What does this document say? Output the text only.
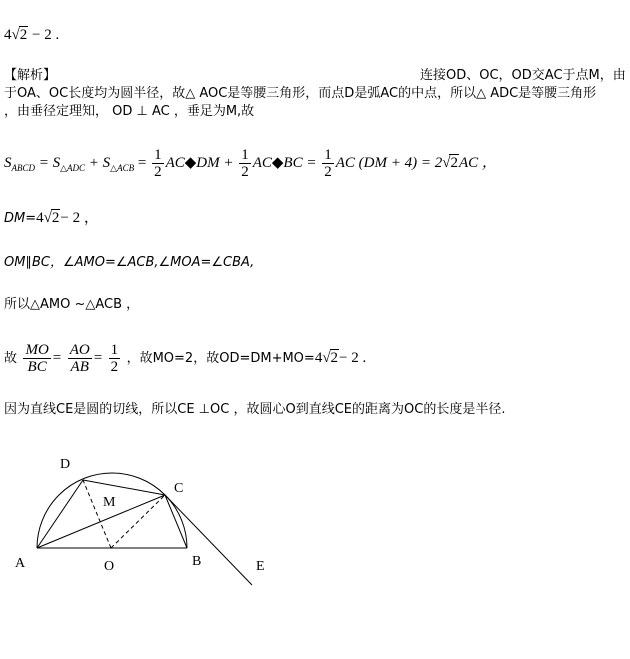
4√2 − 2 .
【解析】	连接OD、OC，OD交AC于点M，由
于OA、OC长度均为圆半径，故△ AOC是等腰三角形，而点D是弧AC的中点，所以△ ADC是等腰三角形
，由垂径定理知， OD ⊥ AC ，垂足为M,故
$S_{ABCD} = S_{\triangle ADC} + S_{\triangle ACB} = \frac{1}{2}$ AC◆DM + $\frac{1}{2}$ AC◆BC = $\frac{1}{2}$ AC (DM + 4) = 2√2AC ，
DM=4√2− 2 ，
OM∥BC，∠AMO=∠ACB,∠MOA=∠CBA,
所以△AMO ~△ACB ，
故 $\frac{MO}{BC} = \frac{AO}{AB} = \frac{1}{2}$ ，故MO=2，故OD=DM+MO=4√2− 2 .
因为直线CE是圆的切线，所以CE ⊥OC ，故圆心O到直线CE的距离为OC的长度是半径.
D
C
M
A	O	B	E
